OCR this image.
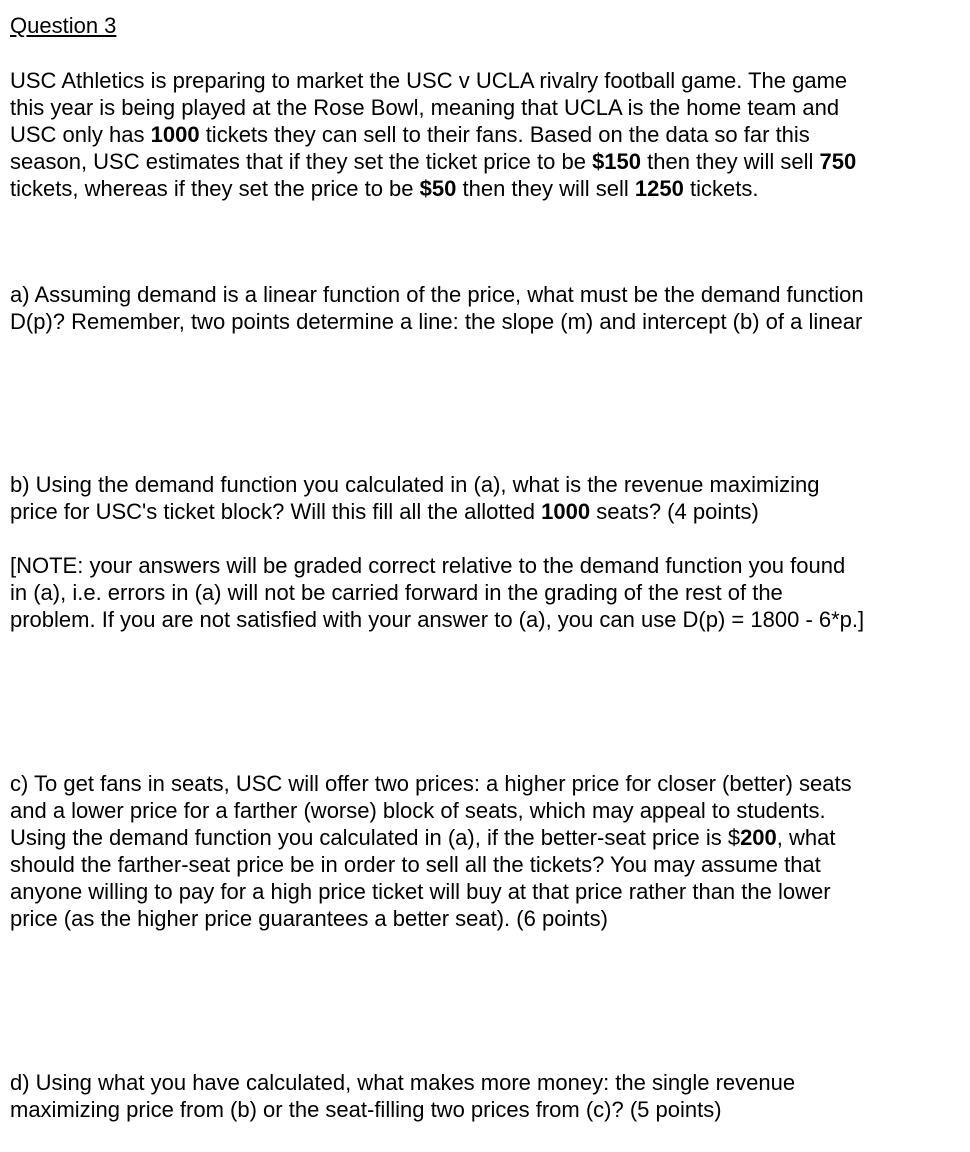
Question 3
USC Athletics is preparing to market the USC v UCLA rivalry football game. The game
this year is being played at the Rose Bowl, meaning that UCLA is the home team and
USC only has 1000 tickets they can sell to their fans. Based on the data so far this
season, USC estimates that if they set the ticket price to be $150 then they will sell 750
tickets, whereas if they set the price to be $50 then they will sell 1250 tickets.
a) Assuming demand is a linear function of the price, what must be the demand function
D(p)? Remember, two points determine a line: the slope (m) and intercept (b) of a linear
b) Using the demand function you calculated in (a), what is the revenue maximizing
price for USC's ticket block? Will this fill all the allotted 1000 seats? (4 points)
[NOTE: your answers will be graded correct relative to the demand function you found
in (a), i.e. errors in (a) will not be carried forward in the grading of the rest of the
problem. If you are not satisfied with your answer to (a), you can use D(p) = 1800 - 6*p.]
c) To get fans in seats, USC will offer two prices: a higher price for closer (better) seats
and a lower price for a farther (worse) block of seats, which may appeal to students.
Using the demand function you calculated in (a), if the better-seat price is $200, what
should the farther-seat price be in order to sell all the tickets? You may assume that
anyone willing to pay for a high price ticket will buy at that price rather than the lower
price (as the higher price guarantees a better seat). (6 points)
d) Using what you have calculated, what makes more money: the single revenue
maximizing price from (b) or the seat-filling two prices from (c)? (5 points)
